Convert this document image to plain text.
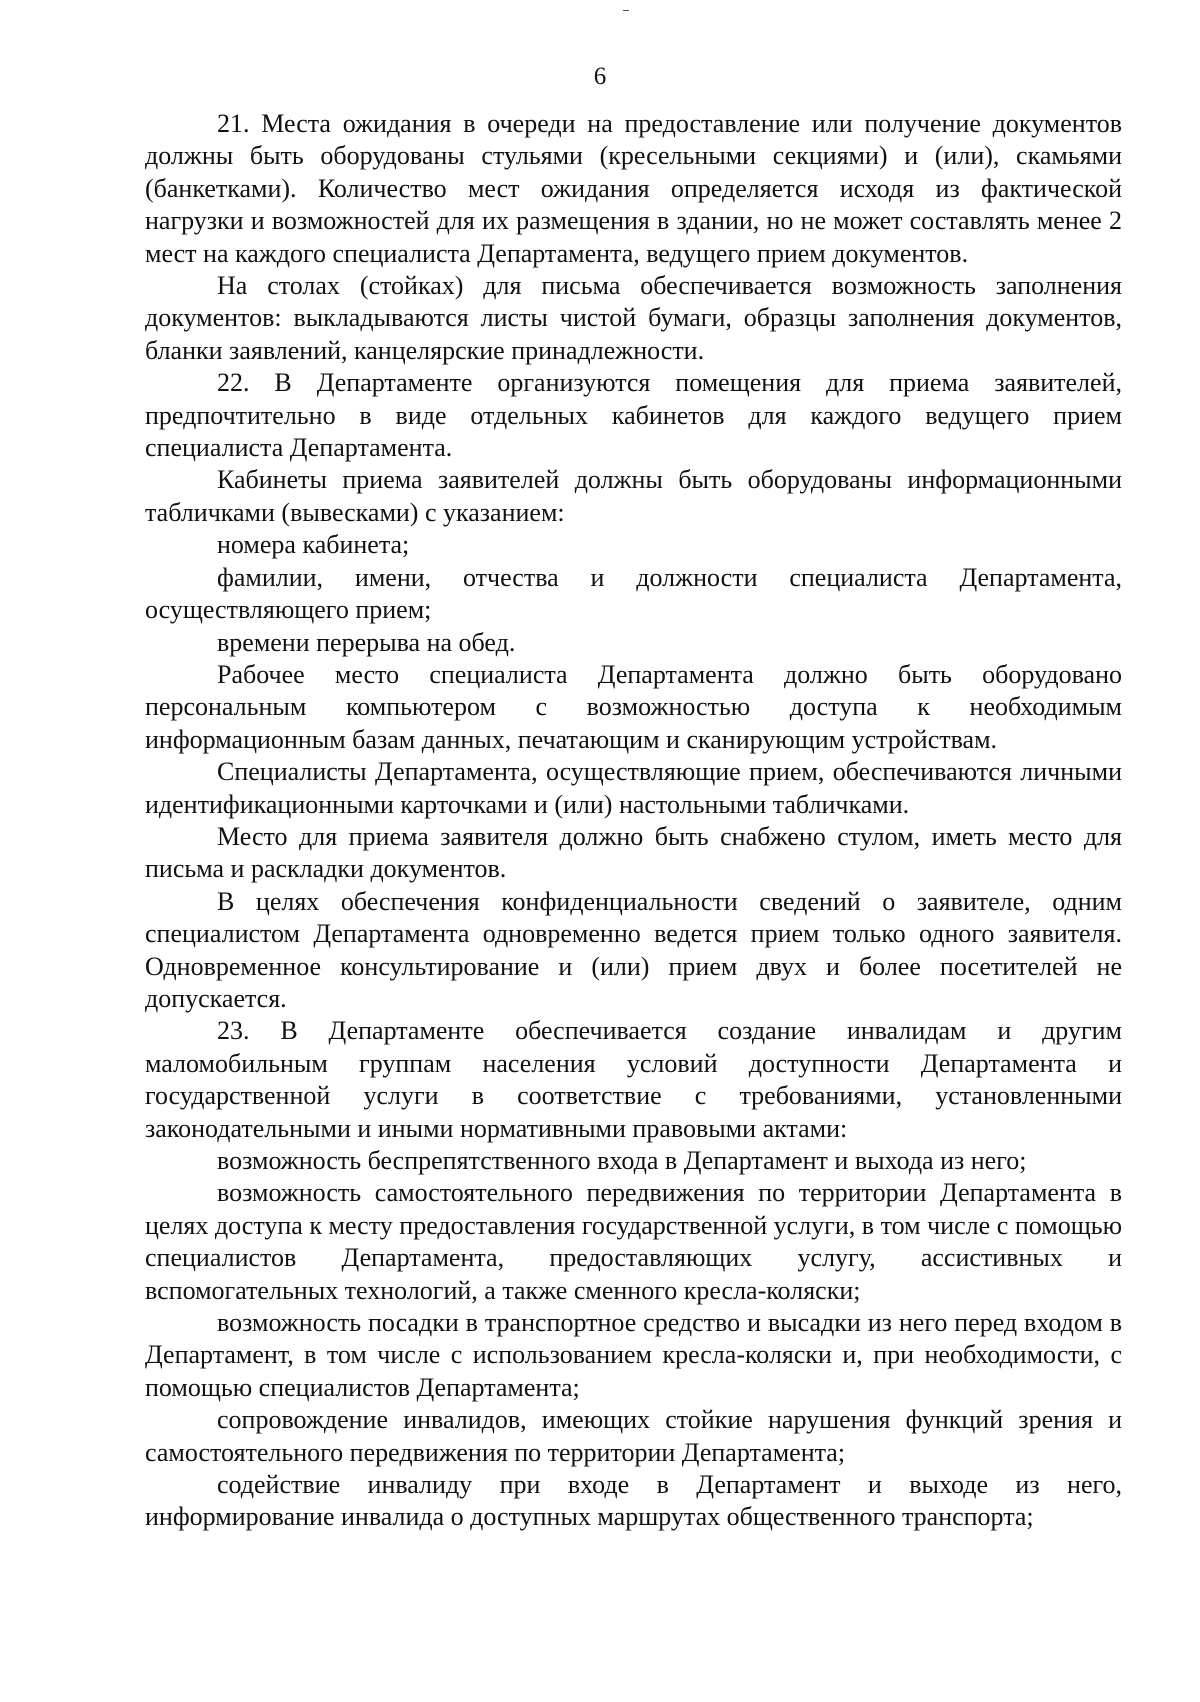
6

21. Места ожидания в очереди на предоставление или получение документов должны быть оборудованы стульями (кресельными секциями) и (или), скамьями (банкетками). Количество мест ожидания определяется исходя из фактической нагрузки и возможностей для их размещения в здании, но не может составлять менее 2 мест на каждого специалиста Департамента, ведущего прием документов.

На столах (стойках) для письма обеспечивается возможность заполнения документов: выкладываются листы чистой бумаги, образцы заполнения документов, бланки заявлений, канцелярские принадлежности.

22. В Департаменте организуются помещения для приема заявителей, предпочтительно в виде отдельных кабинетов для каждого ведущего прием специалиста Департамента.

Кабинеты приема заявителей должны быть оборудованы информационными табличками (вывесками) с указанием:

номера кабинета;

фамилии, имени, отчества и должности специалиста Департамента, осуществляющего прием;

времени перерыва на обед.

Рабочее место специалиста Департамента должно быть оборудовано персональным компьютером с возможностью доступа к необходимым информационным базам данных, печатающим и сканирующим устройствам.

Специалисты Департамента, осуществляющие прием, обеспечиваются личными идентификационными карточками и (или) настольными табличками.

Место для приема заявителя должно быть снабжено стулом, иметь место для письма и раскладки документов.

В целях обеспечения конфиденциальности сведений о заявителе, одним специалистом Департамента одновременно ведется прием только одного заявителя. Одновременное консультирование и (или) прием двух и более посетителей не допускается.

23. В Департаменте обеспечивается создание инвалидам и другим маломобильным группам населения условий доступности Департамента и государственной услуги в соответствие с требованиями, установленными законодательными и иными нормативными правовыми актами:

возможность беспрепятственного входа в Департамент и выхода из него;

возможность самостоятельного передвижения по территории Департамента в целях доступа к месту предоставления государственной услуги, в том числе с помощью специалистов Департамента, предоставляющих услугу, ассистивных и вспомогательных технологий, а также сменного кресла-коляски;

возможность посадки в транспортное средство и высадки из него перед входом в Департамент, в том числе с использованием кресла-коляски и, при необходимости, с помощью специалистов Департамента;

сопровождение инвалидов, имеющих стойкие нарушения функций зрения и самостоятельного передвижения по территории Департамента;

содействие инвалиду при входе в Департамент и выходе из него, информирование инвалида о доступных маршрутах общественного транспорта;
